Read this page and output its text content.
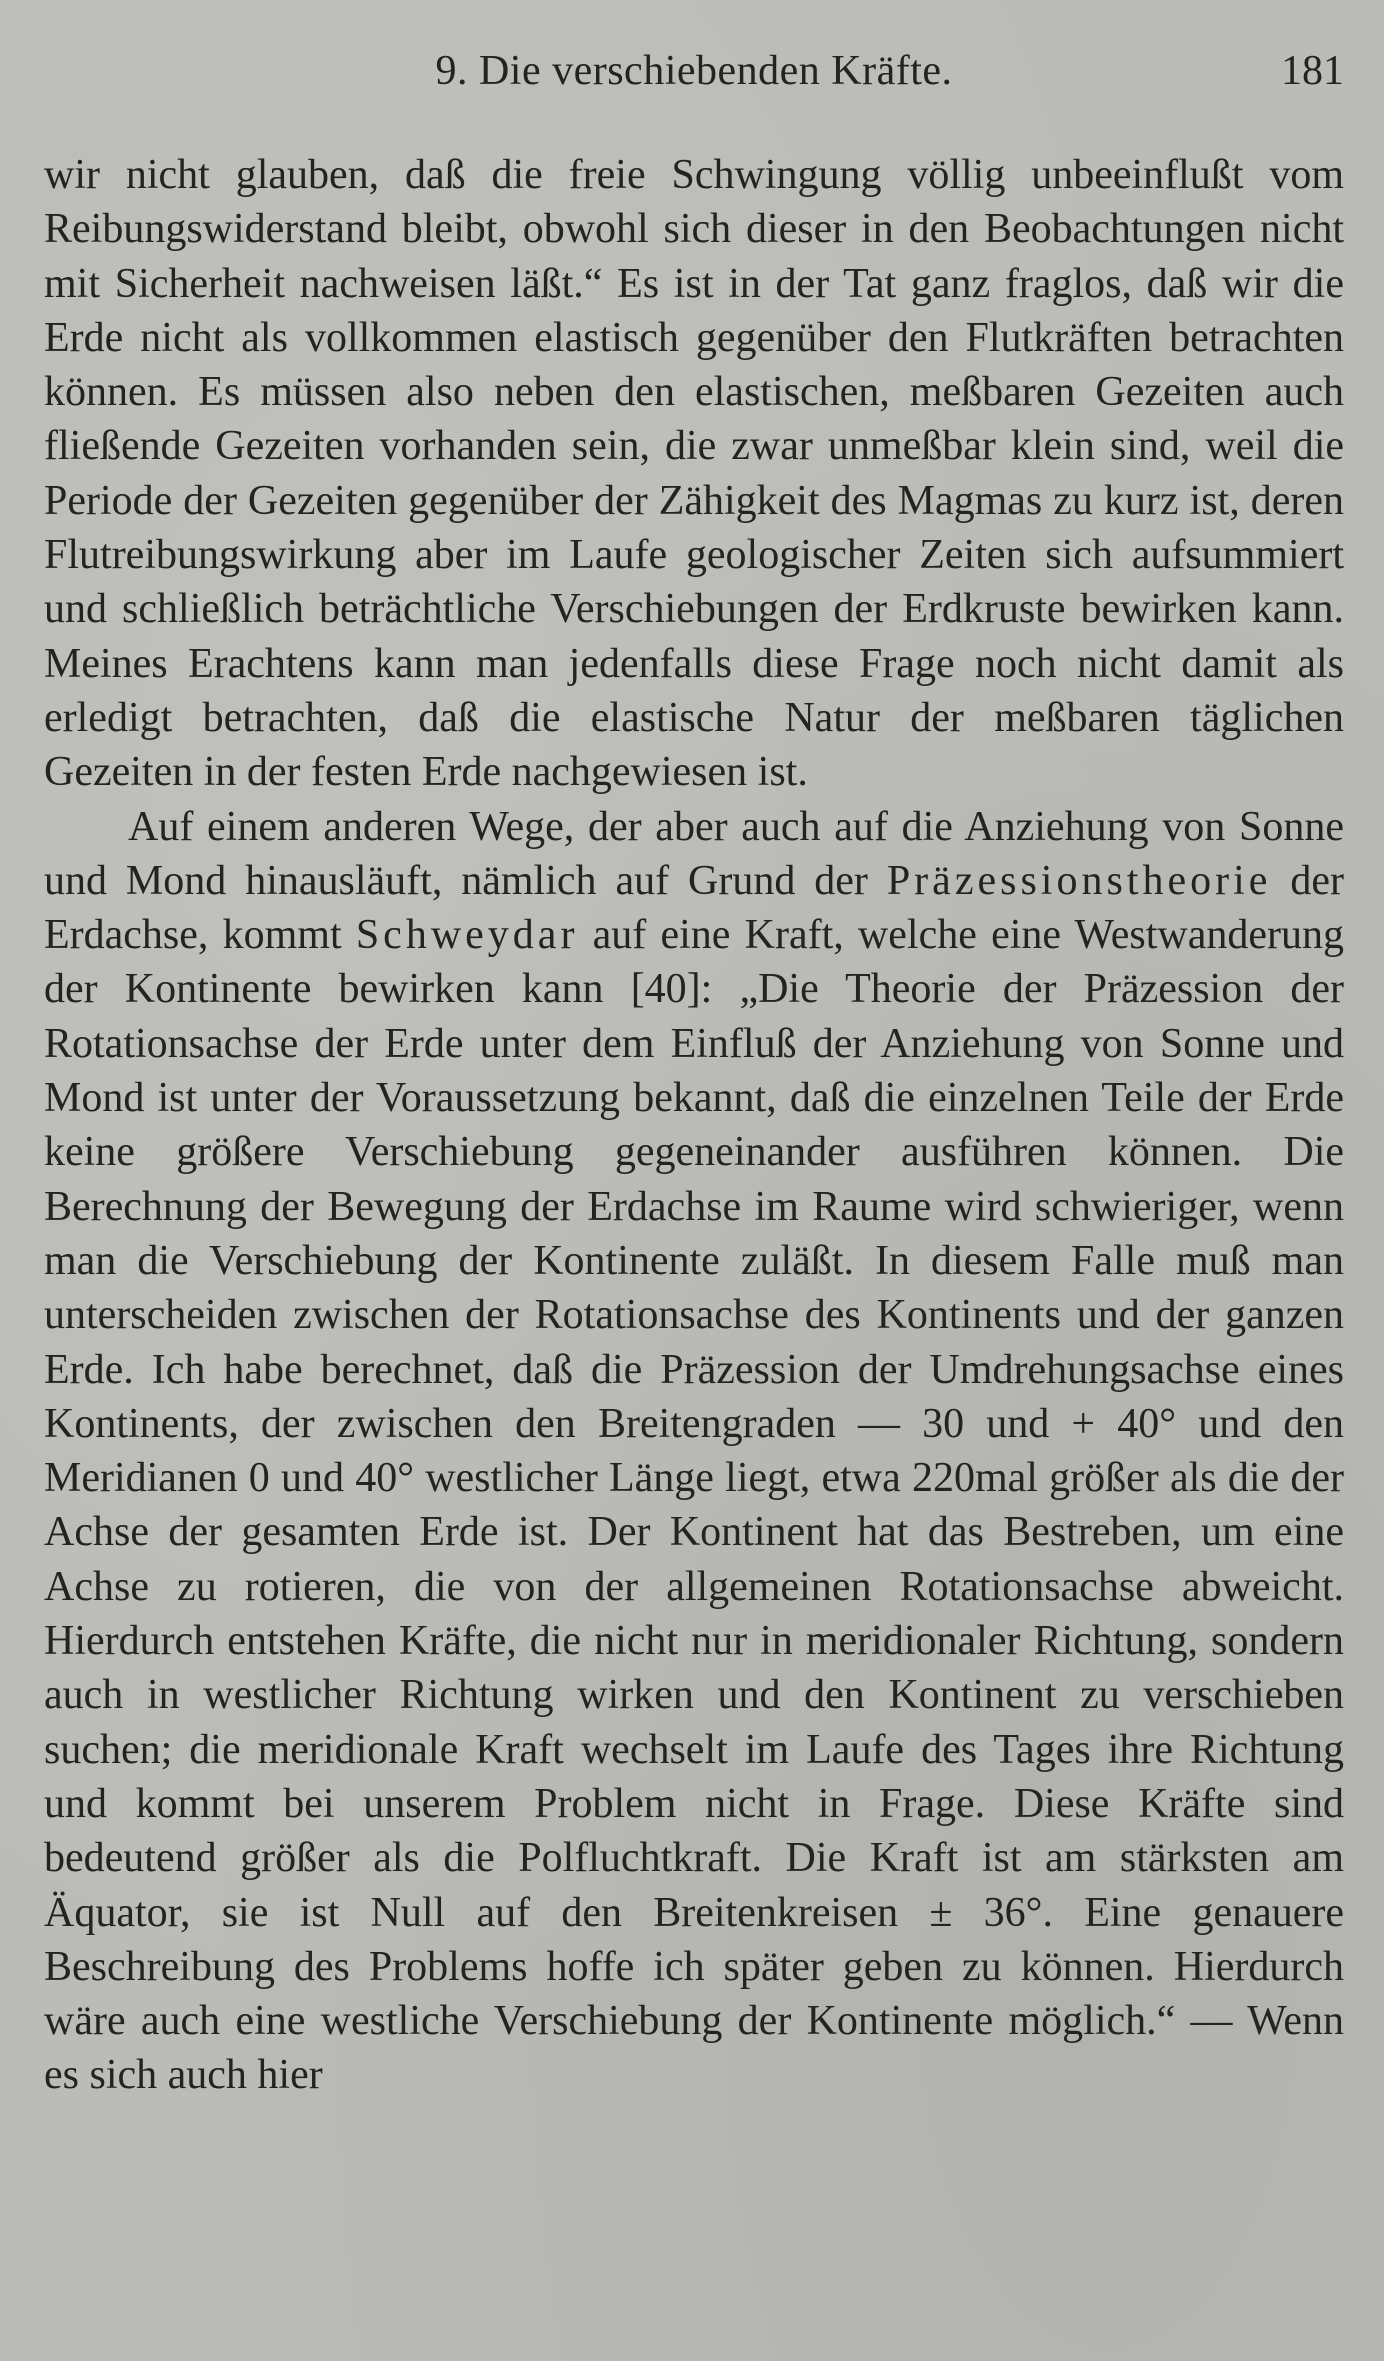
9. Die verschiebenden Kräfte.	181

wir nicht glauben, daß die freie Schwingung völlig unbeeinflußt vom Reibungswiderstand bleibt, obwohl sich dieser in den Beobachtungen nicht mit Sicherheit nachweisen läßt.“ Es ist in der Tat ganz fraglos, daß wir die Erde nicht als vollkommen elastisch gegenüber den Flutkräften betrachten können. Es müssen also neben den elastischen, meßbaren Gezeiten auch fließende Gezeiten vorhanden sein, die zwar unmeßbar klein sind, weil die Periode der Gezeiten gegenüber der Zähigkeit des Magmas zu kurz ist, deren Flutreibungswirkung aber im Laufe geologischer Zeiten sich aufsummiert und schließlich beträchtliche Verschiebungen der Erdkruste bewirken kann. Meines Erachtens kann man jedenfalls diese Frage noch nicht damit als erledigt betrachten, daß die elastische Natur der meßbaren täglichen Gezeiten in der festen Erde nachgewiesen ist.

Auf einem anderen Wege, der aber auch auf die Anziehung von Sonne und Mond hinausläuft, nämlich auf Grund der Präzessionstheorie der Erdachse, kommt Schweydar auf eine Kraft, welche eine Westwanderung der Kontinente bewirken kann [40]: „Die Theorie der Präzession der Rotationsachse der Erde unter dem Einfluß der Anziehung von Sonne und Mond ist unter der Voraussetzung bekannt, daß die einzelnen Teile der Erde keine größere Verschiebung gegeneinander ausführen können. Die Berechnung der Bewegung der Erdachse im Raume wird schwieriger, wenn man die Verschiebung der Kontinente zuläßt. In diesem Falle muß man unterscheiden zwischen der Rotationsachse des Kontinents und der ganzen Erde. Ich habe berechnet, daß die Präzession der Umdrehungsachse eines Kontinents, der zwischen den Breitengraden — 30 und + 40° und den Meridianen 0 und 40° westlicher Länge liegt, etwa 220mal größer als die der Achse der gesamten Erde ist. Der Kontinent hat das Bestreben, um eine Achse zu rotieren, die von der allgemeinen Rotationsachse abweicht. Hierdurch entstehen Kräfte, die nicht nur in meridionaler Richtung, sondern auch in westlicher Richtung wirken und den Kontinent zu verschieben suchen; die meridionale Kraft wechselt im Laufe des Tages ihre Richtung und kommt bei unserem Problem nicht in Frage. Diese Kräfte sind bedeutend größer als die Polfluchtkraft. Die Kraft ist am stärksten am Äquator, sie ist Null auf den Breitenkreisen ± 36°. Eine genauere Beschreibung des Problems hoffe ich später geben zu können. Hierdurch wäre auch eine westliche Verschiebung der Kontinente möglich.“ — Wenn es sich auch hier
